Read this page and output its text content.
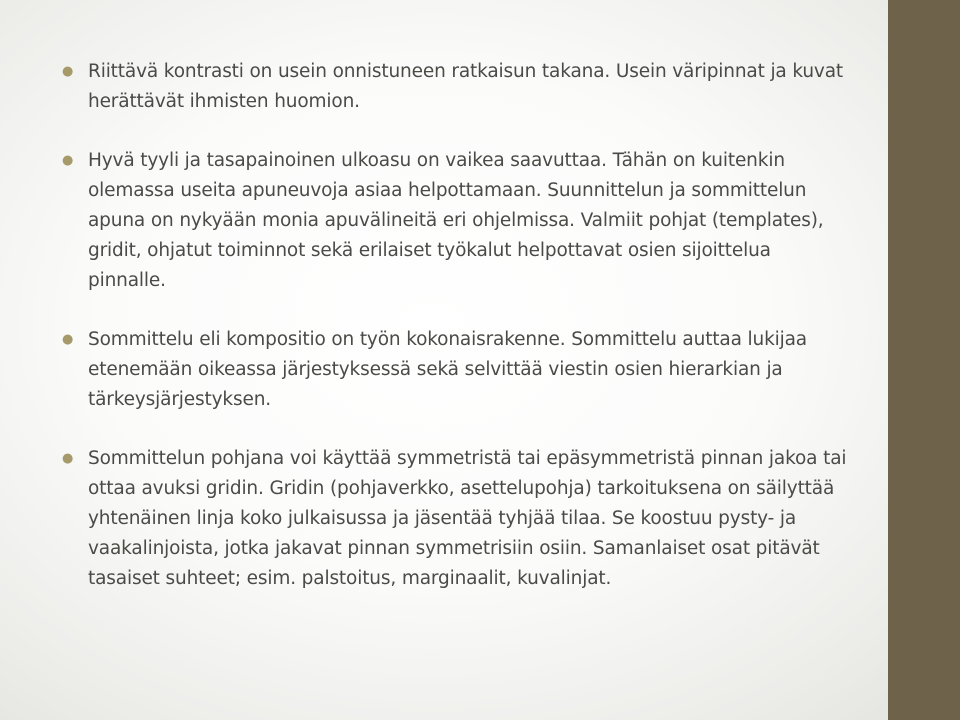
● Riittävä kontrasti on usein onnistuneen ratkaisun takana. Usein väripinnat ja kuvat herättävät ihmisten huomion.
● Hyvä tyyli ja tasapainoinen ulkoasu on vaikea saavuttaa. Tähän on kuitenkin olemassa useita apuneuvoja asiaa helpottamaan. Suunnittelun ja sommittelun apuna on nykyään monia apuvälineitä eri ohjelmissa. Valmiit pohjat (templates), gridit, ohjatut toiminnot sekä erilaiset työkalut helpottavat osien sijoittelua pinnalle.
● Sommittelu eli kompositio on työn kokonaisrakenne. Sommittelu auttaa lukijaa etenemään oikeassa järjestyksessä sekä selvittää viestin osien hierarkian ja tärkeysjärjestyksen.
● Sommittelun pohjana voi käyttää symmetristä tai epäsymmetristä pinnan jakoa tai ottaa avuksi gridin. Gridin (pohjaverkko, asettelupohja) tarkoituksena on säilyttää yhtenäinen linja koko julkaisussa ja jäsentää tyhjää tilaa. Se koostuu pysty- ja vaakalinjoista, jotka jakavat pinnan symmetrisiin osiin. Samanlaiset osat pitävät tasaiset suhteet; esim. palstoitus, marginaalit, kuvalinjat.
